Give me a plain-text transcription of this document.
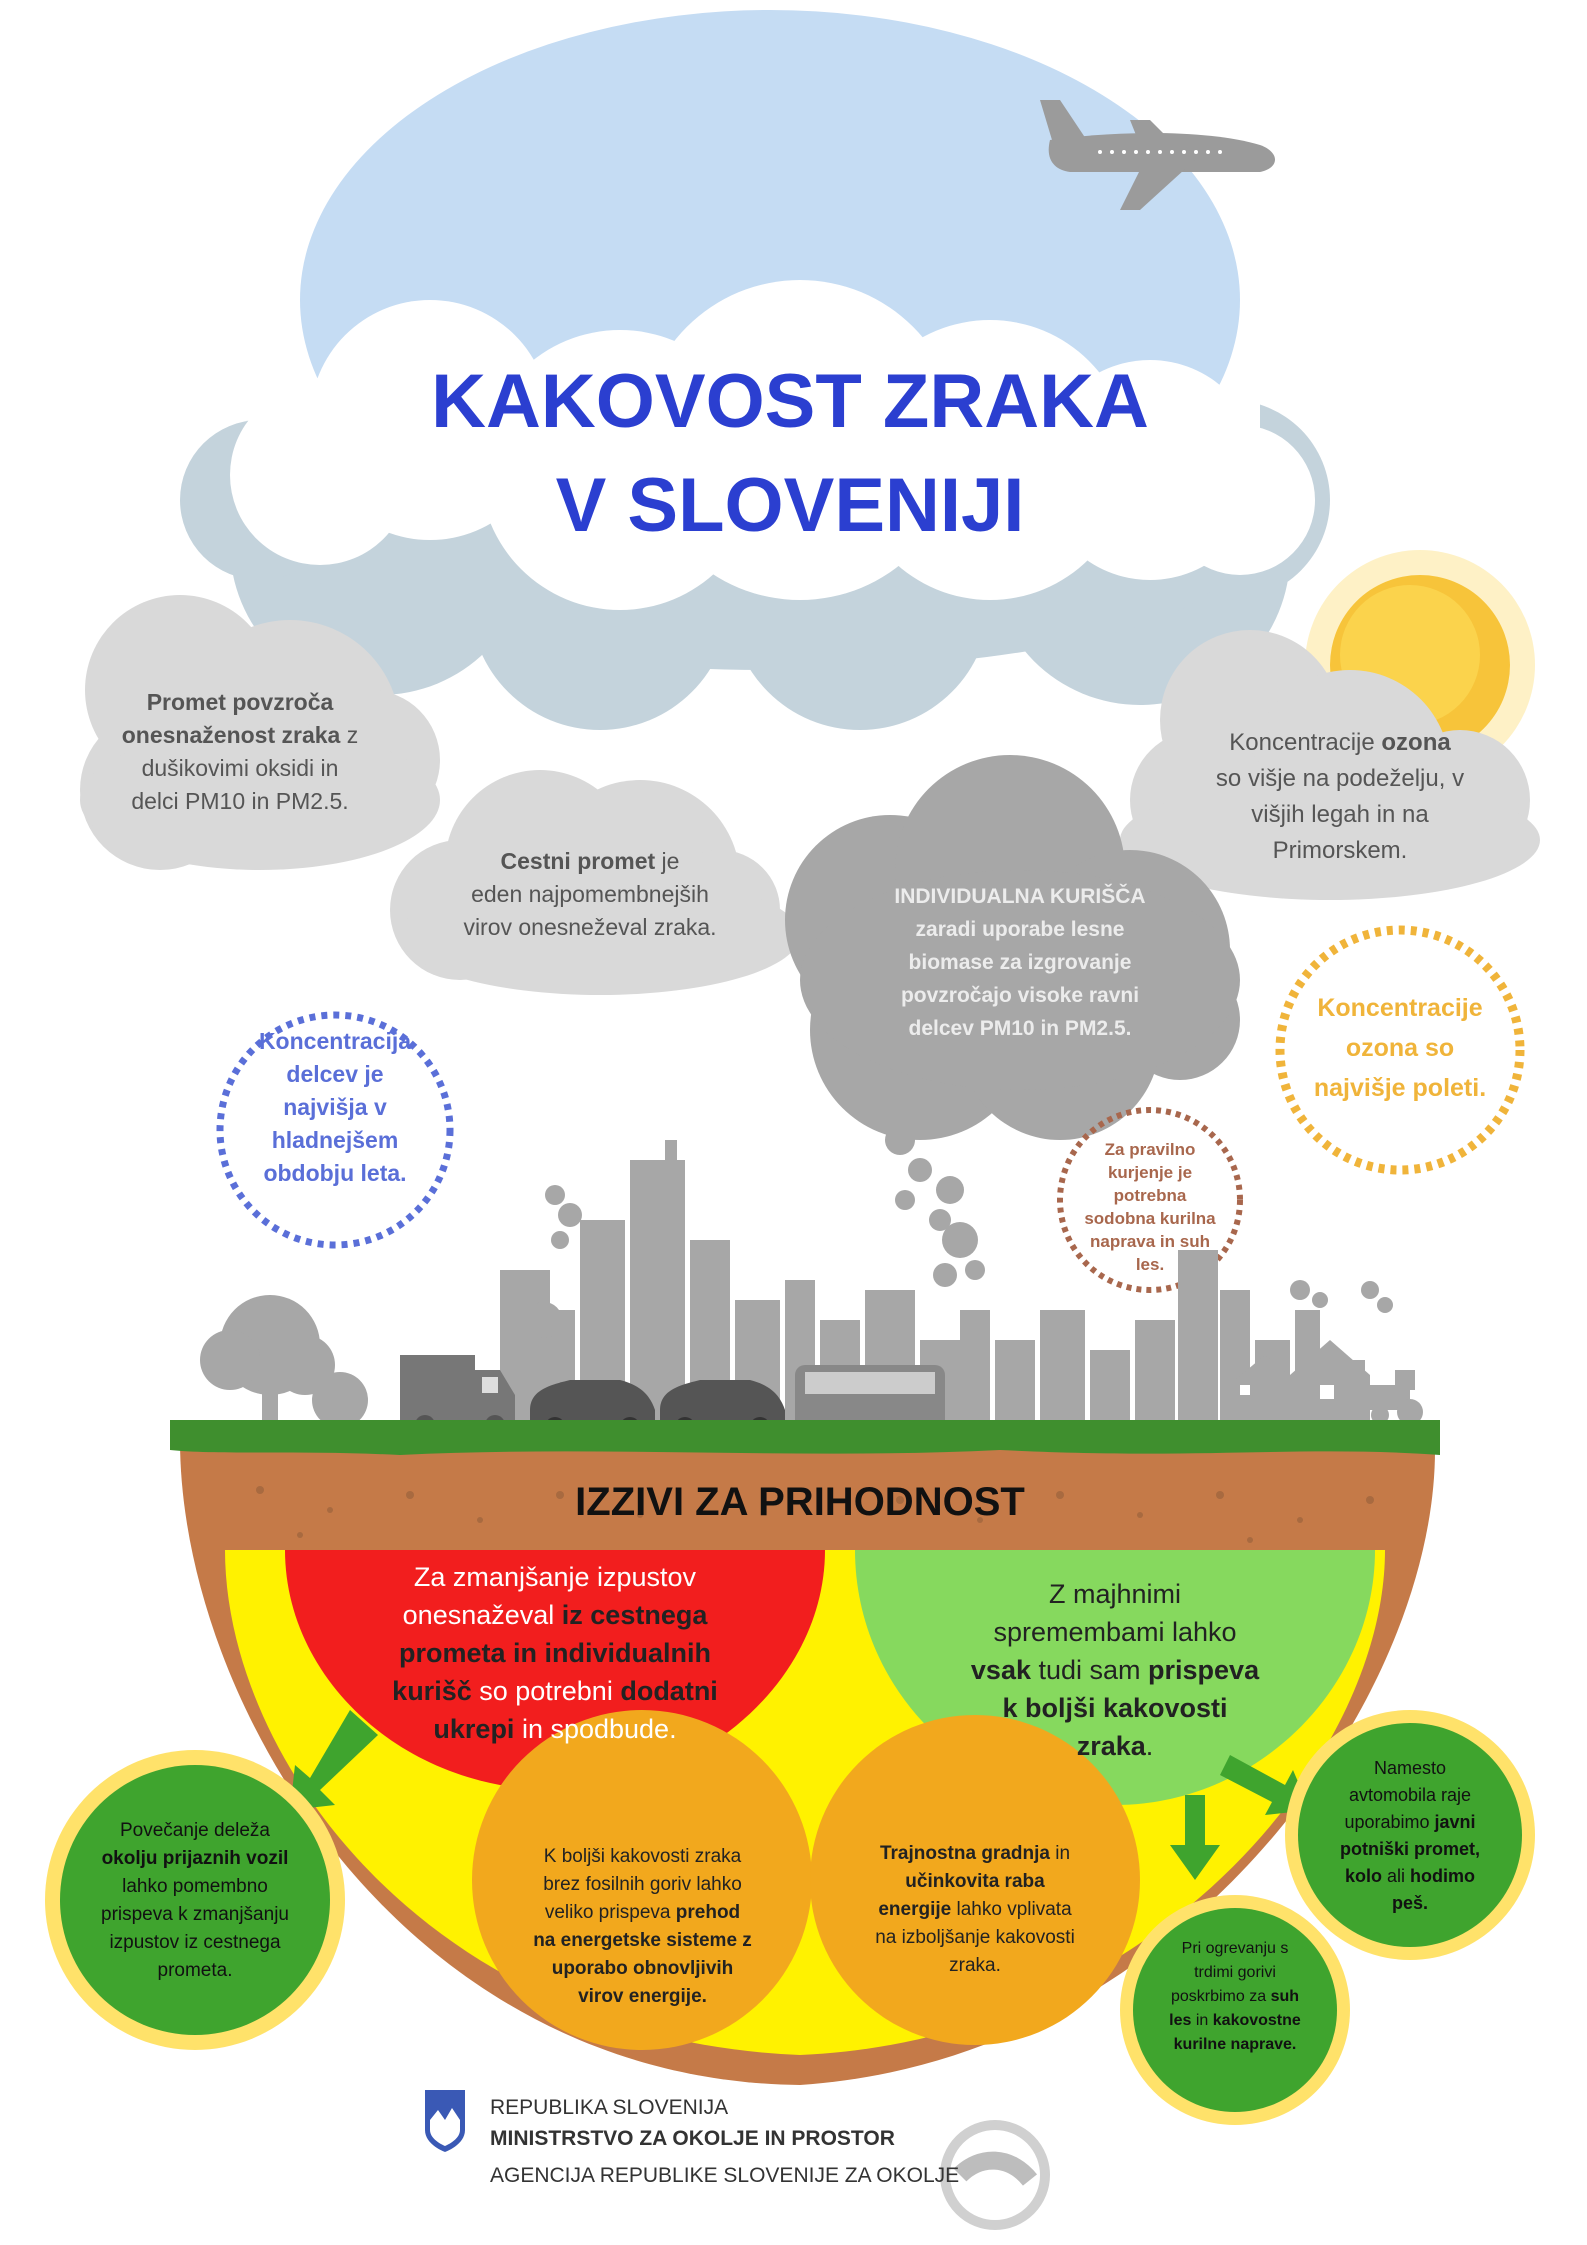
KAKOVOST ZRAKA
V SLOVENIJI
Promet povzroča
onesnaženost zraka z
dušikovimi oksidi in
delci PM10 in PM2.5.
Cestni promet je
eden najpomembnejših
virov onesneževal zraka.
INDIVIDUALNA KURIŠČA
zaradi uporabe lesne
biomase za izgrovanje
povzročajo visoke ravni
delcev PM10 in PM2.5.
Koncentracije ozona
so višje na podeželju, v
višjih legah in na
Primorskem.
Koncentracija
delcev je
najvišja v
hladnejšem
obdobju leta.
Koncentracije
ozona so
najvišje poleti.
Za pravilno
kurjenje je
potrebna
sodobna kurilna
naprava in suh
les.
IZZIVI ZA PRIHODNOST
Za zmanjšanje izpustov
onesnaževal iz cestnega
prometa in individualnih
kurišč so potrebni dodatni
ukrepi in spodbude.
Z majhnimi
spremembami lahko
vsak tudi sam prispeva
k boljši kakovosti
zraka.
Povečanje deleža
okolju prijaznih vozil
lahko pomembno
prispeva k zmanjšanju
izpustov iz cestnega
prometa.
K boljši kakovosti zraka
brez fosilnih goriv lahko
veliko prispeva prehod
na energetske sisteme z
uporabo obnovljivih
virov energije.
Trajnostna gradnja in
učinkovita raba
energije lahko vplivata
na izboljšanje kakovosti
zraka.
Namesto
avtomobila raje
uporabimo javni
potniški promet,
kolo ali hodimo
peš.
Pri ogrevanju s
trdimi gorivi
poskrbimo za suh
les in kakovostne
kurilne naprave.
REPUBLIKA SLOVENIJA
MINISTRSTVO ZA OKOLJE IN PROSTOR
AGENCIJA REPUBLIKE SLOVENIJE ZA OKOLJE
